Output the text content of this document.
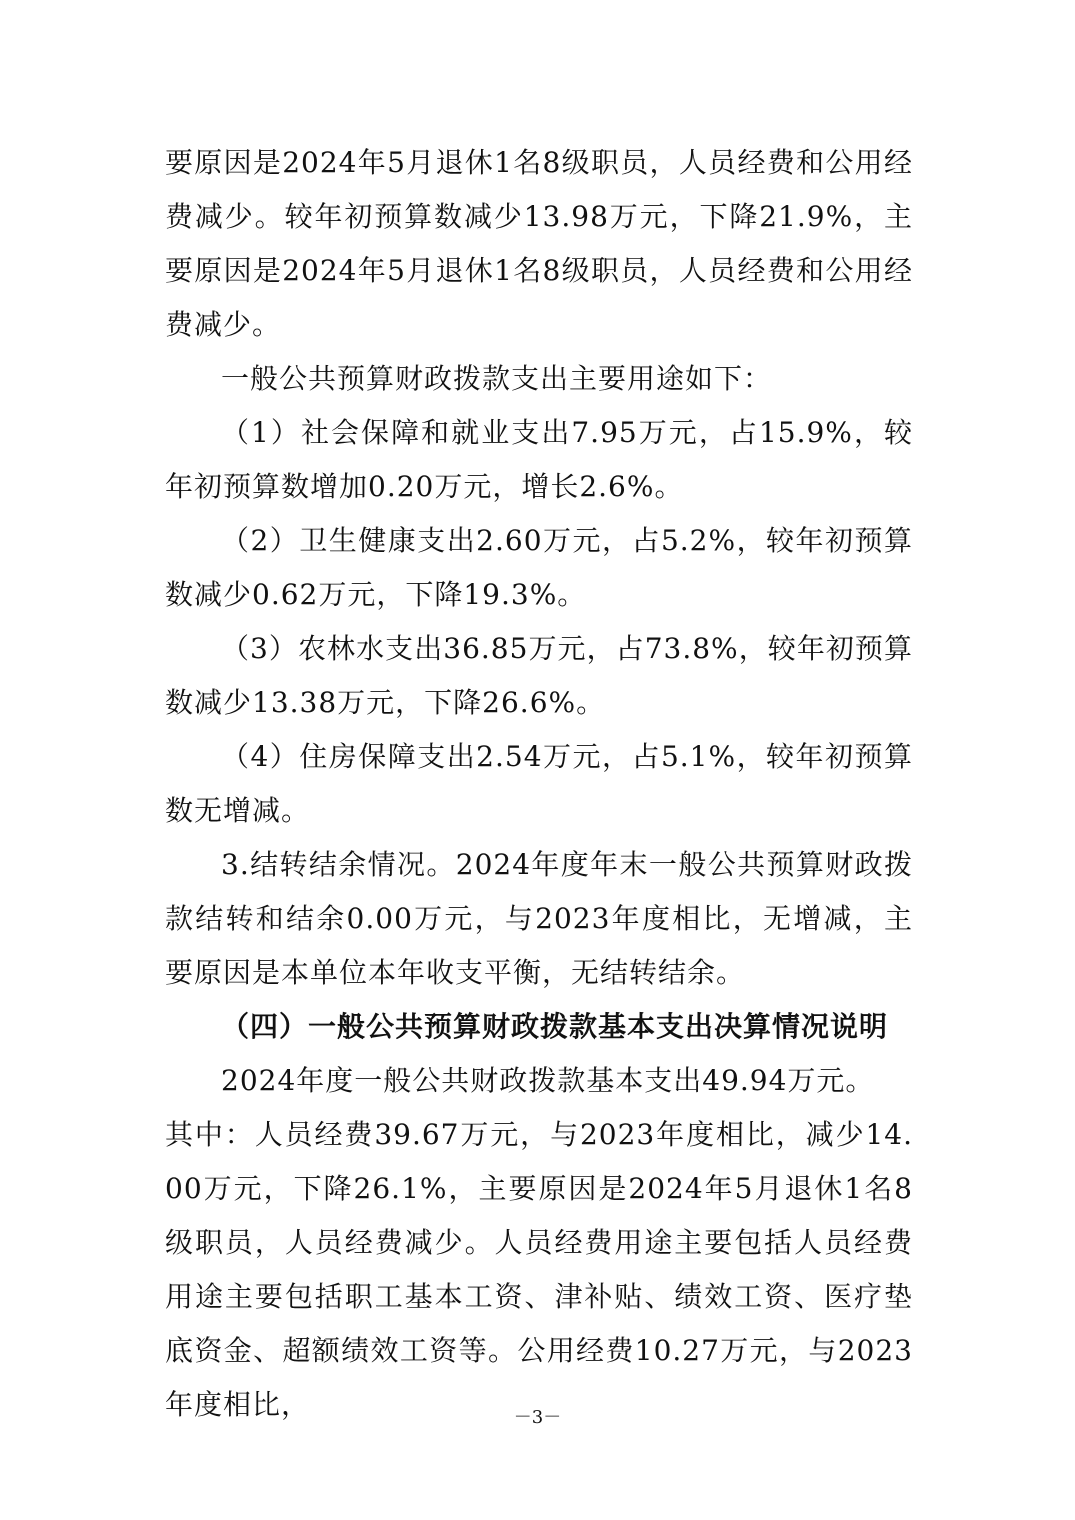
要原因是2024年5月退休1名8级职员，人员经费和公用经费减少。较年初预算数减少13.98万元，下降21.9%，主要原因是2024年5月退休1名8级职员，人员经费和公用经费减少。

一般公共预算财政拨款支出主要用途如下：

（1）社会保障和就业支出7.95万元，占15.9%，较年初预算数增加0.20万元，增长2.6%。

（2）卫生健康支出2.60万元，占5.2%，较年初预算数减少0.62万元，下降19.3%。

（3）农林水支出36.85万元，占73.8%，较年初预算数减少13.38万元，下降26.6%。

（4）住房保障支出2.54万元，占5.1%，较年初预算数无增减。

3.结转结余情况。2024年度年末一般公共预算财政拨款结转和结余0.00万元，与2023年度相比，无增减，主要原因是本单位本年收支平衡，无结转结余。

（四）一般公共预算财政拨款基本支出决算情况说明

2024年度一般公共财政拨款基本支出49.94万元。

其中：人员经费39.67万元，与2023年度相比，减少14.00万元，下降26.1%，主要原因是2024年5月退休1名8级职员，人员经费减少。人员经费用途主要包括人员经费用途主要包括职工基本工资、津补贴、绩效工资、医疗垫底资金、超额绩效工资等。公用经费10.27万元，与2023年度相比，	－3－
